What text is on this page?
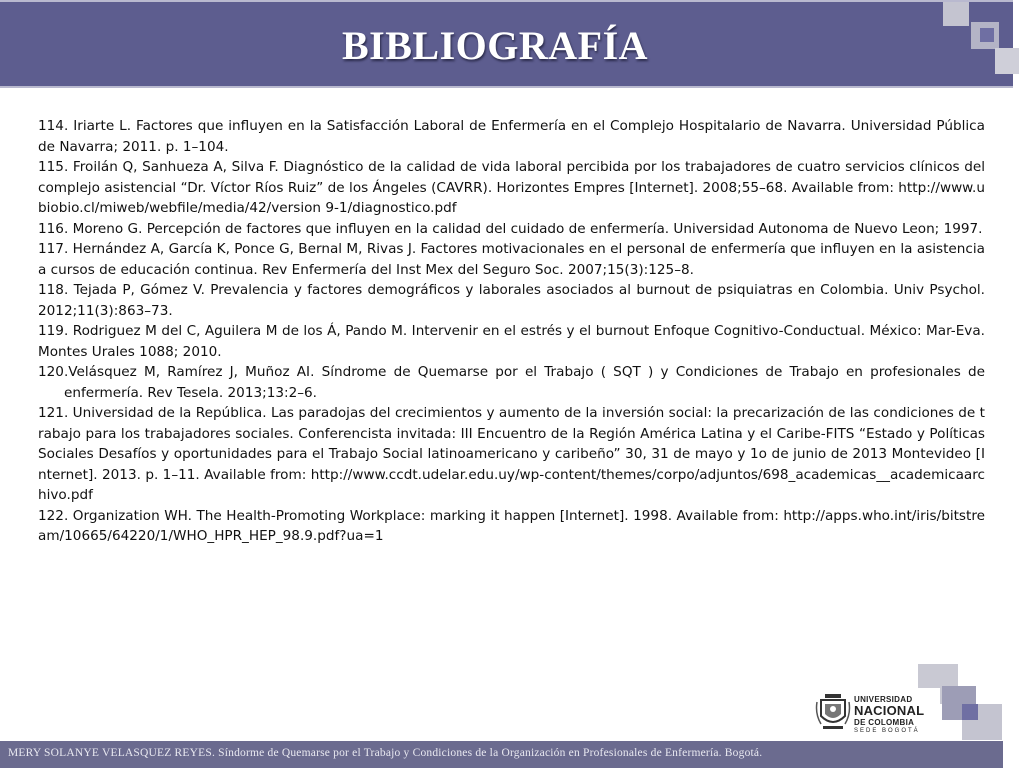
BIBLIOGRAFÍA
114. Iriarte L. Factores que influyen en la Satisfacción Laboral de Enfermería en el Complejo Hospitalario de Navarra. Universidad Pública de Navarra; 2011. p. 1–104.
115. Froilán Q, Sanhueza A, Silva F. Diagnóstico de la calidad de vida laboral percibida por los trabajadores de cuatro servicios clínicos del complejo asistencial “Dr. Víctor Ríos Ruiz” de los Ángeles (CAVRR). Horizontes Empres [Internet]. 2008;55–68. Available from: http://www.ubiobio.cl/miweb/webfile/media/42/version 9-1/diagnostico.pdf
116. Moreno G. Percepción de factores que influyen en la calidad del cuidado de enfermería. Universidad Autonoma de Nuevo Leon; 1997.
117. Hernández A, García K, Ponce G, Bernal M, Rivas J. Factores motivacionales en el personal de enfermería que influyen en la asistencia a cursos de educación continua. Rev Enfermería del Inst Mex del Seguro Soc. 2007;15(3):125–8.
118. Tejada P, Gómez V. Prevalencia y factores demográficos y laborales asociados al burnout de psiquiatras en Colombia. Univ Psychol. 2012;11(3):863–73.
119. Rodriguez M del C, Aguilera M de los Á, Pando M. Intervenir en el estrés y el burnout Enfoque Cognitivo-Conductual. México: Mar-Eva. Montes Urales 1088; 2010.
120.Velásquez M, Ramírez J, Muñoz AI. Síndrome de Quemarse por el Trabajo ( SQT ) y Condiciones de Trabajo en profesionales de enfermería. Rev Tesela. 2013;13:2–6.
121. Universidad de la República. Las paradojas del crecimientos y aumento de la inversión social: la precarización de las condiciones de trabajo para los trabajadores sociales. Conferencista invitada: III Encuentro de la Región América Latina y el Caribe-FITS “Estado y Políticas Sociales Desafíos y oportunidades para el Trabajo Social latinoamericano y caribeño” 30, 31 de mayo y 1o de junio de 2013 Montevideo [Internet]. 2013. p. 1–11. Available from: http://www.ccdt.udelar.edu.uy/wp-content/themes/corpo/adjuntos/698_academicas__academicaarchivo.pdf
122. Organization WH. The Health-Promoting Workplace: marking it happen [Internet]. 1998. Available from: http://apps.who.int/iris/bitstream/10665/64220/1/WHO_HPR_HEP_98.9.pdf?ua=1
UNIVERSIDAD
NACIONAL
DE COLOMBIA
SEDE BOGOTÁ
MERY SOLANYE VELASQUEZ REYES. Síndorme de Quemarse por el Trabajo y Condiciones de la Organización en Profesionales de Enfermería. Bogotá.
